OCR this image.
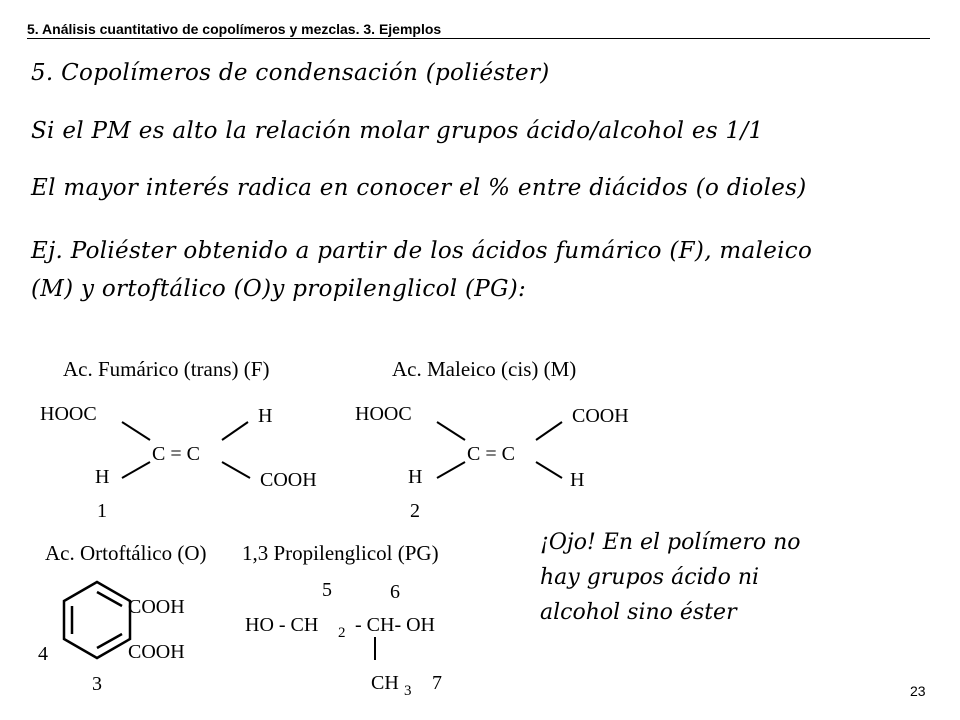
5. Análisis cuantitativo de copolímeros y mezclas. 3. Ejemplos
5. Copolímeros de condensación (poliéster)
Si el PM es alto la relación molar grupos ácido/alcohol es 1/1
El mayor interés radica en conocer el % entre diácidos (o dioles)
Ej. Poliéster obtenido a partir de los ácidos fumárico (F), maleico
(M) y ortoftálico (O)y propilenglicol (PG):
Ac. Fumárico (trans) (F)
HOOC	H
C = C
H	COOH
1
Ac. Maleico (cis) (M)
HOOC	COOH
C = C
H	H
2
Ac. Ortoftálico (O)
COOH
COOH
4
3
1,3 Propilenglicol (PG)
5	6
HO - CH 2 - CH- OH
CH 3 7
¡Ojo! En el polímero no
hay grupos ácido ni
alcohol sino éster
23
